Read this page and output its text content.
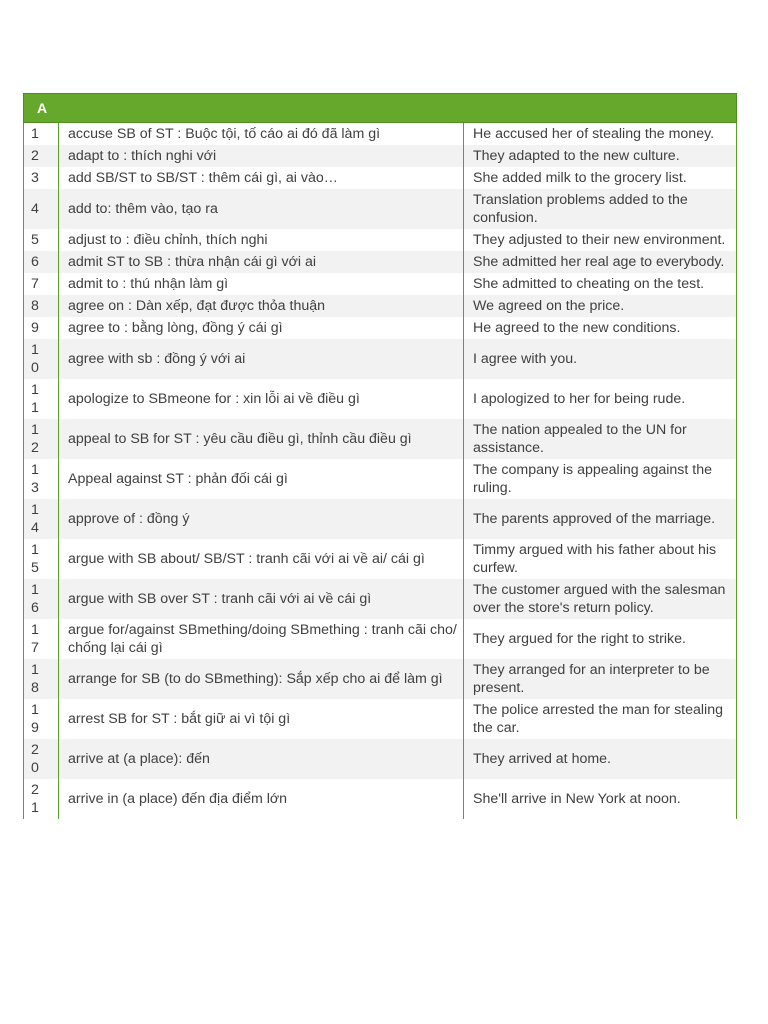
A		

1	accuse SB of ST : Buộc tội, tố cáo ai đó đã làm gì	He accused her of stealing the money.

2	adapt to : thích nghi với	They adapted to the new culture.

3	add SB/ST to SB/ST : thêm cái gì, ai vào…	She added milk to the grocery list.

4	add to: thêm vào, tạo ra	Translation problems added to the confusion.

5	adjust to : điều chỉnh, thích nghi	They adjusted to their new environment.

6	admit ST to SB : thừa nhận cái gì với ai	She admitted her real age to everybody.

7	admit to : thú nhận làm gì	She admitted to cheating on the test.

8	agree on : Dàn xếp, đạt được thỏa thuận	We agreed on the price.

9	agree to : bằng lòng, đồng ý cái gì	He agreed to the new conditions.

10	agree with sb : đồng ý với ai	I agree with you.

11	apologize to SBmeone for : xin lỗi ai về điều gì	I apologized to her for being rude.

12	appeal to SB for ST : yêu cầu điều gì, thỉnh cầu điều gì	The nation appealed to the UN for assistance.

13	Appeal against ST : phản đối cái gì	The company is appealing against the ruling.

14	approve of : đồng ý	The parents approved of the marriage.

15	argue with SB about/ SB/ST : tranh cãi với ai về ai/ cái gì	Timmy argued with his father about his curfew.

16	argue with SB over ST : tranh cãi với ai về cái gì	The customer argued with the salesman over the store's return policy.

17	argue for/against SBmething/doing SBmething : tranh cãi cho/ chống lại cái gì	They argued for the right to strike.

18	arrange for SB (to do SBmething): Sắp xếp cho ai để làm gì	They arranged for an interpreter to be present.

19	arrest SB for ST : bắt giữ ai vì tội gì	The police arrested the man for stealing the car.

20	arrive at (a place): đến	They arrived at home.

21	arrive in (a place) đến địa điểm lớn	She'll arrive in New York at noon.
